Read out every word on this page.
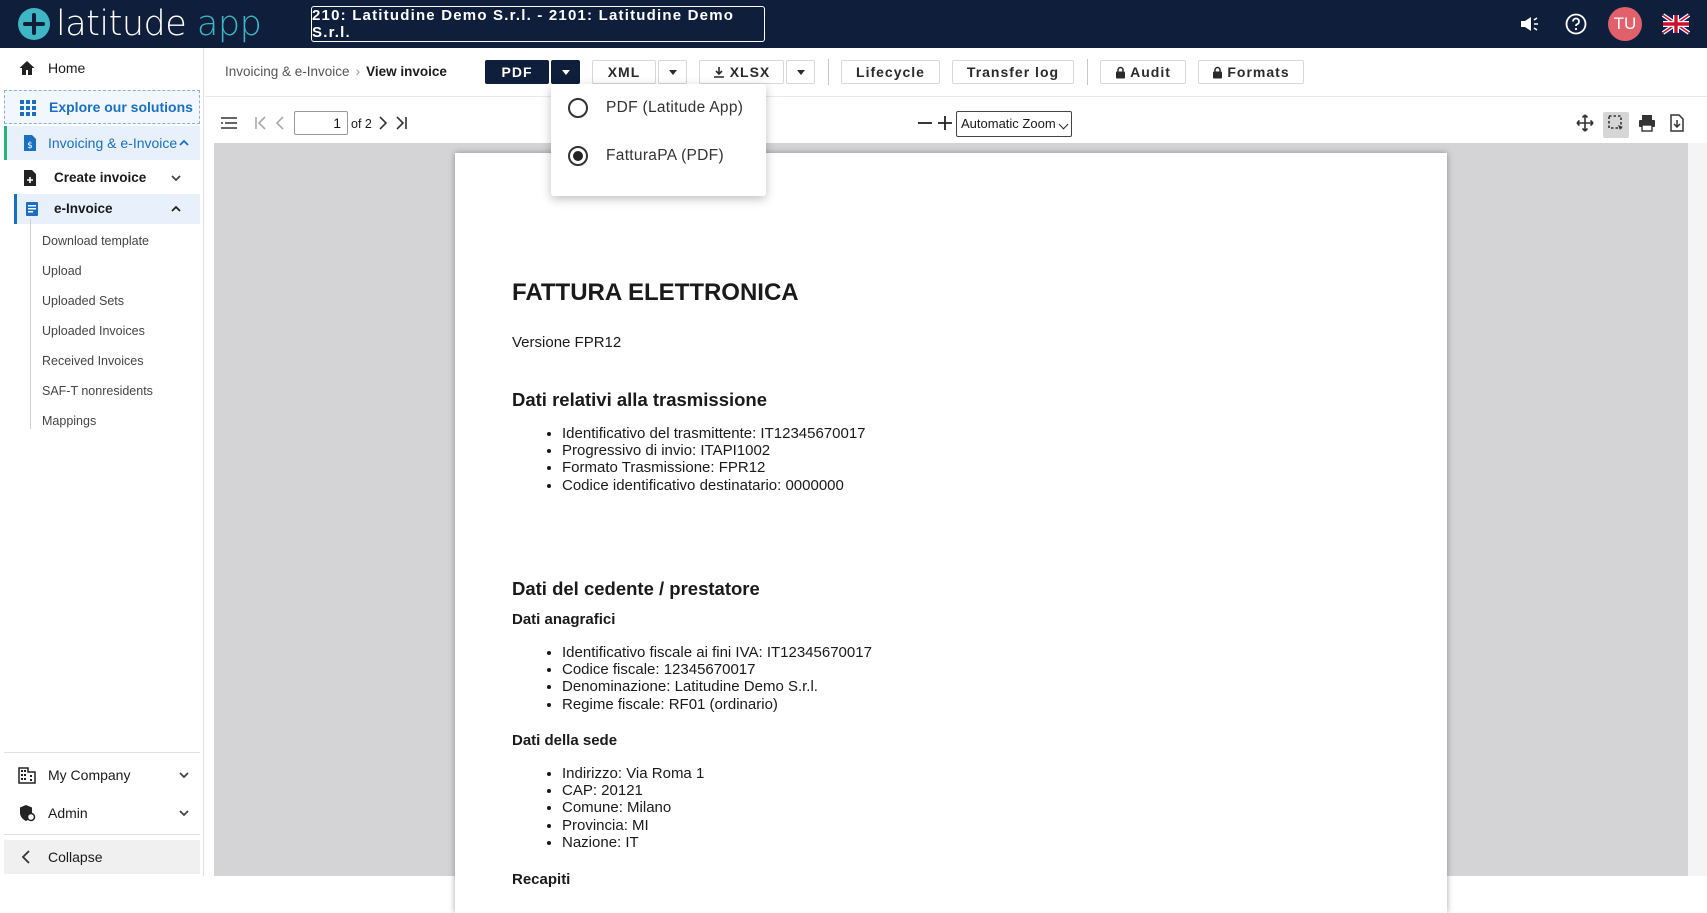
latitude app	210: Latitudine Demo S.r.l. - 2101: Latitudine Demo S.r.l.	TU
Home
Explore our solutions
$ Invoicing & e-Invoice
Create invoice
e-Invoice
Download template
Upload
Uploaded Sets
Uploaded Invoices
Received Invoices
SAF-T nonresidents
Mappings
My Company
Admin
Collapse
Invoicing & e-Invoice › View invoice	PDF	XML	XLSX	Lifecycle	Transfer log	Audit	Formats
1 of 2	Automatic Zoom
FATTURA ELETTRONICA
Versione FPR12
Dati relativi alla trasmissione
• Identificativo del trasmittente: IT12345670017
• Progressivo di invio: ITAPI1002
• Formato Trasmissione: FPR12
• Codice identificativo destinatario: 0000000
Dati del cedente / prestatore
Dati anagrafici
• Identificativo fiscale ai fini IVA: IT12345670017
• Codice fiscale: 12345670017
• Denominazione: Latitudine Demo S.r.l.
• Regime fiscale: RF01 (ordinario)
Dati della sede
• Indirizzo: Via Roma 1
• CAP: 20121
• Comune: Milano
• Provincia: MI
• Nazione: IT
Recapiti
PDF (Latitude App)
FatturaPA (PDF)
